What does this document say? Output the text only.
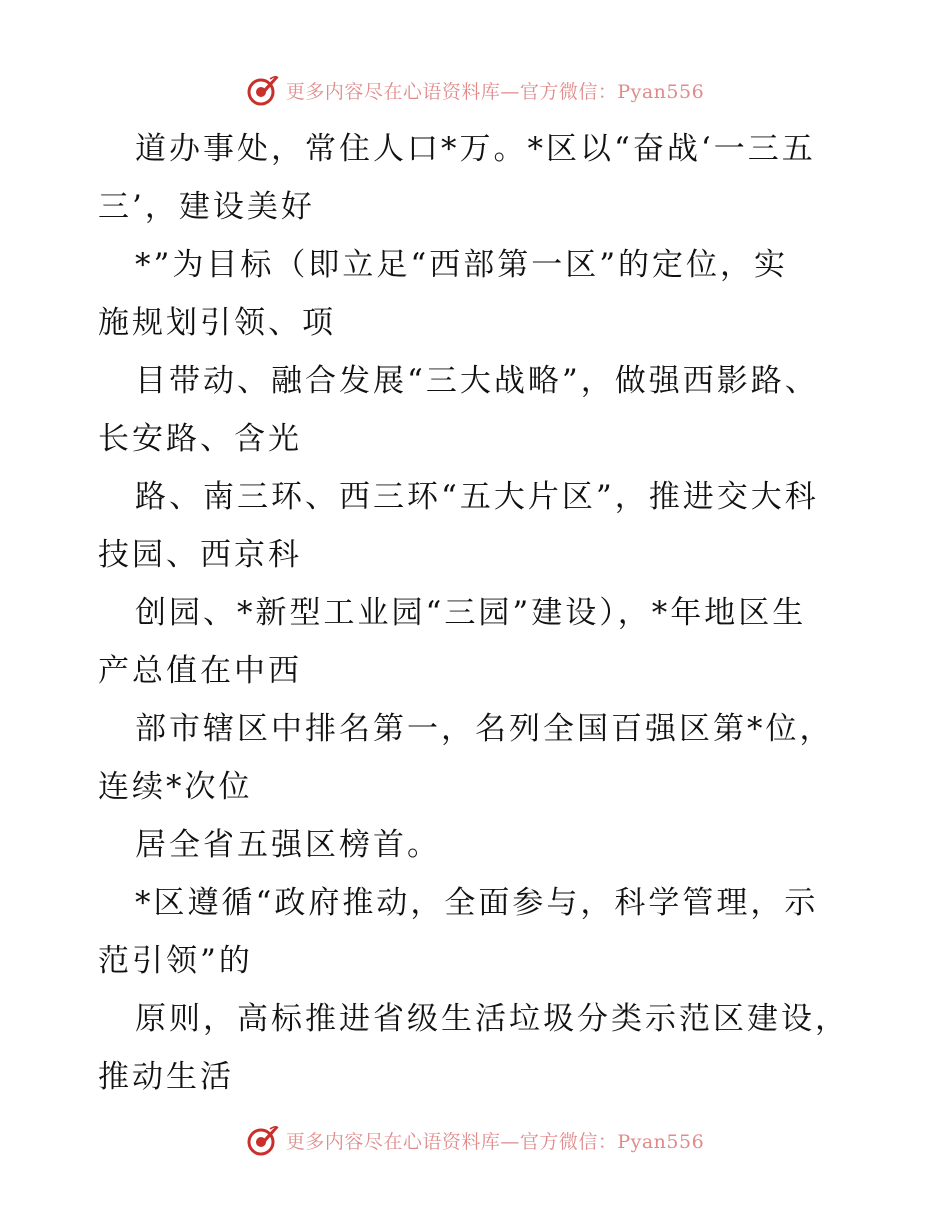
更多内容尽在心语资料库—官方微信：Pyan556
道办事处，常住人口*万。*区以“奋战‘一三五
三’，建设美好
*”为目标（即立足“西部第一区”的定位，实
施规划引领、项
目带动、融合发展“三大战略”，做强西影路、
长安路、含光
路、南三环、西三环“五大片区”，推进交大科
技园、西京科
创园、*新型工业园“三园”建设），*年地区生
产总值在中西
部市辖区中排名第一，名列全国百强区第*位，
连续*次位
居全省五强区榜首。
*区遵循“政府推动，全面参与，科学管理，示
范引领”的
原则，高标推进省级生活垃圾分类示范区建设，
推动生活
更多内容尽在心语资料库—官方微信：Pyan556
